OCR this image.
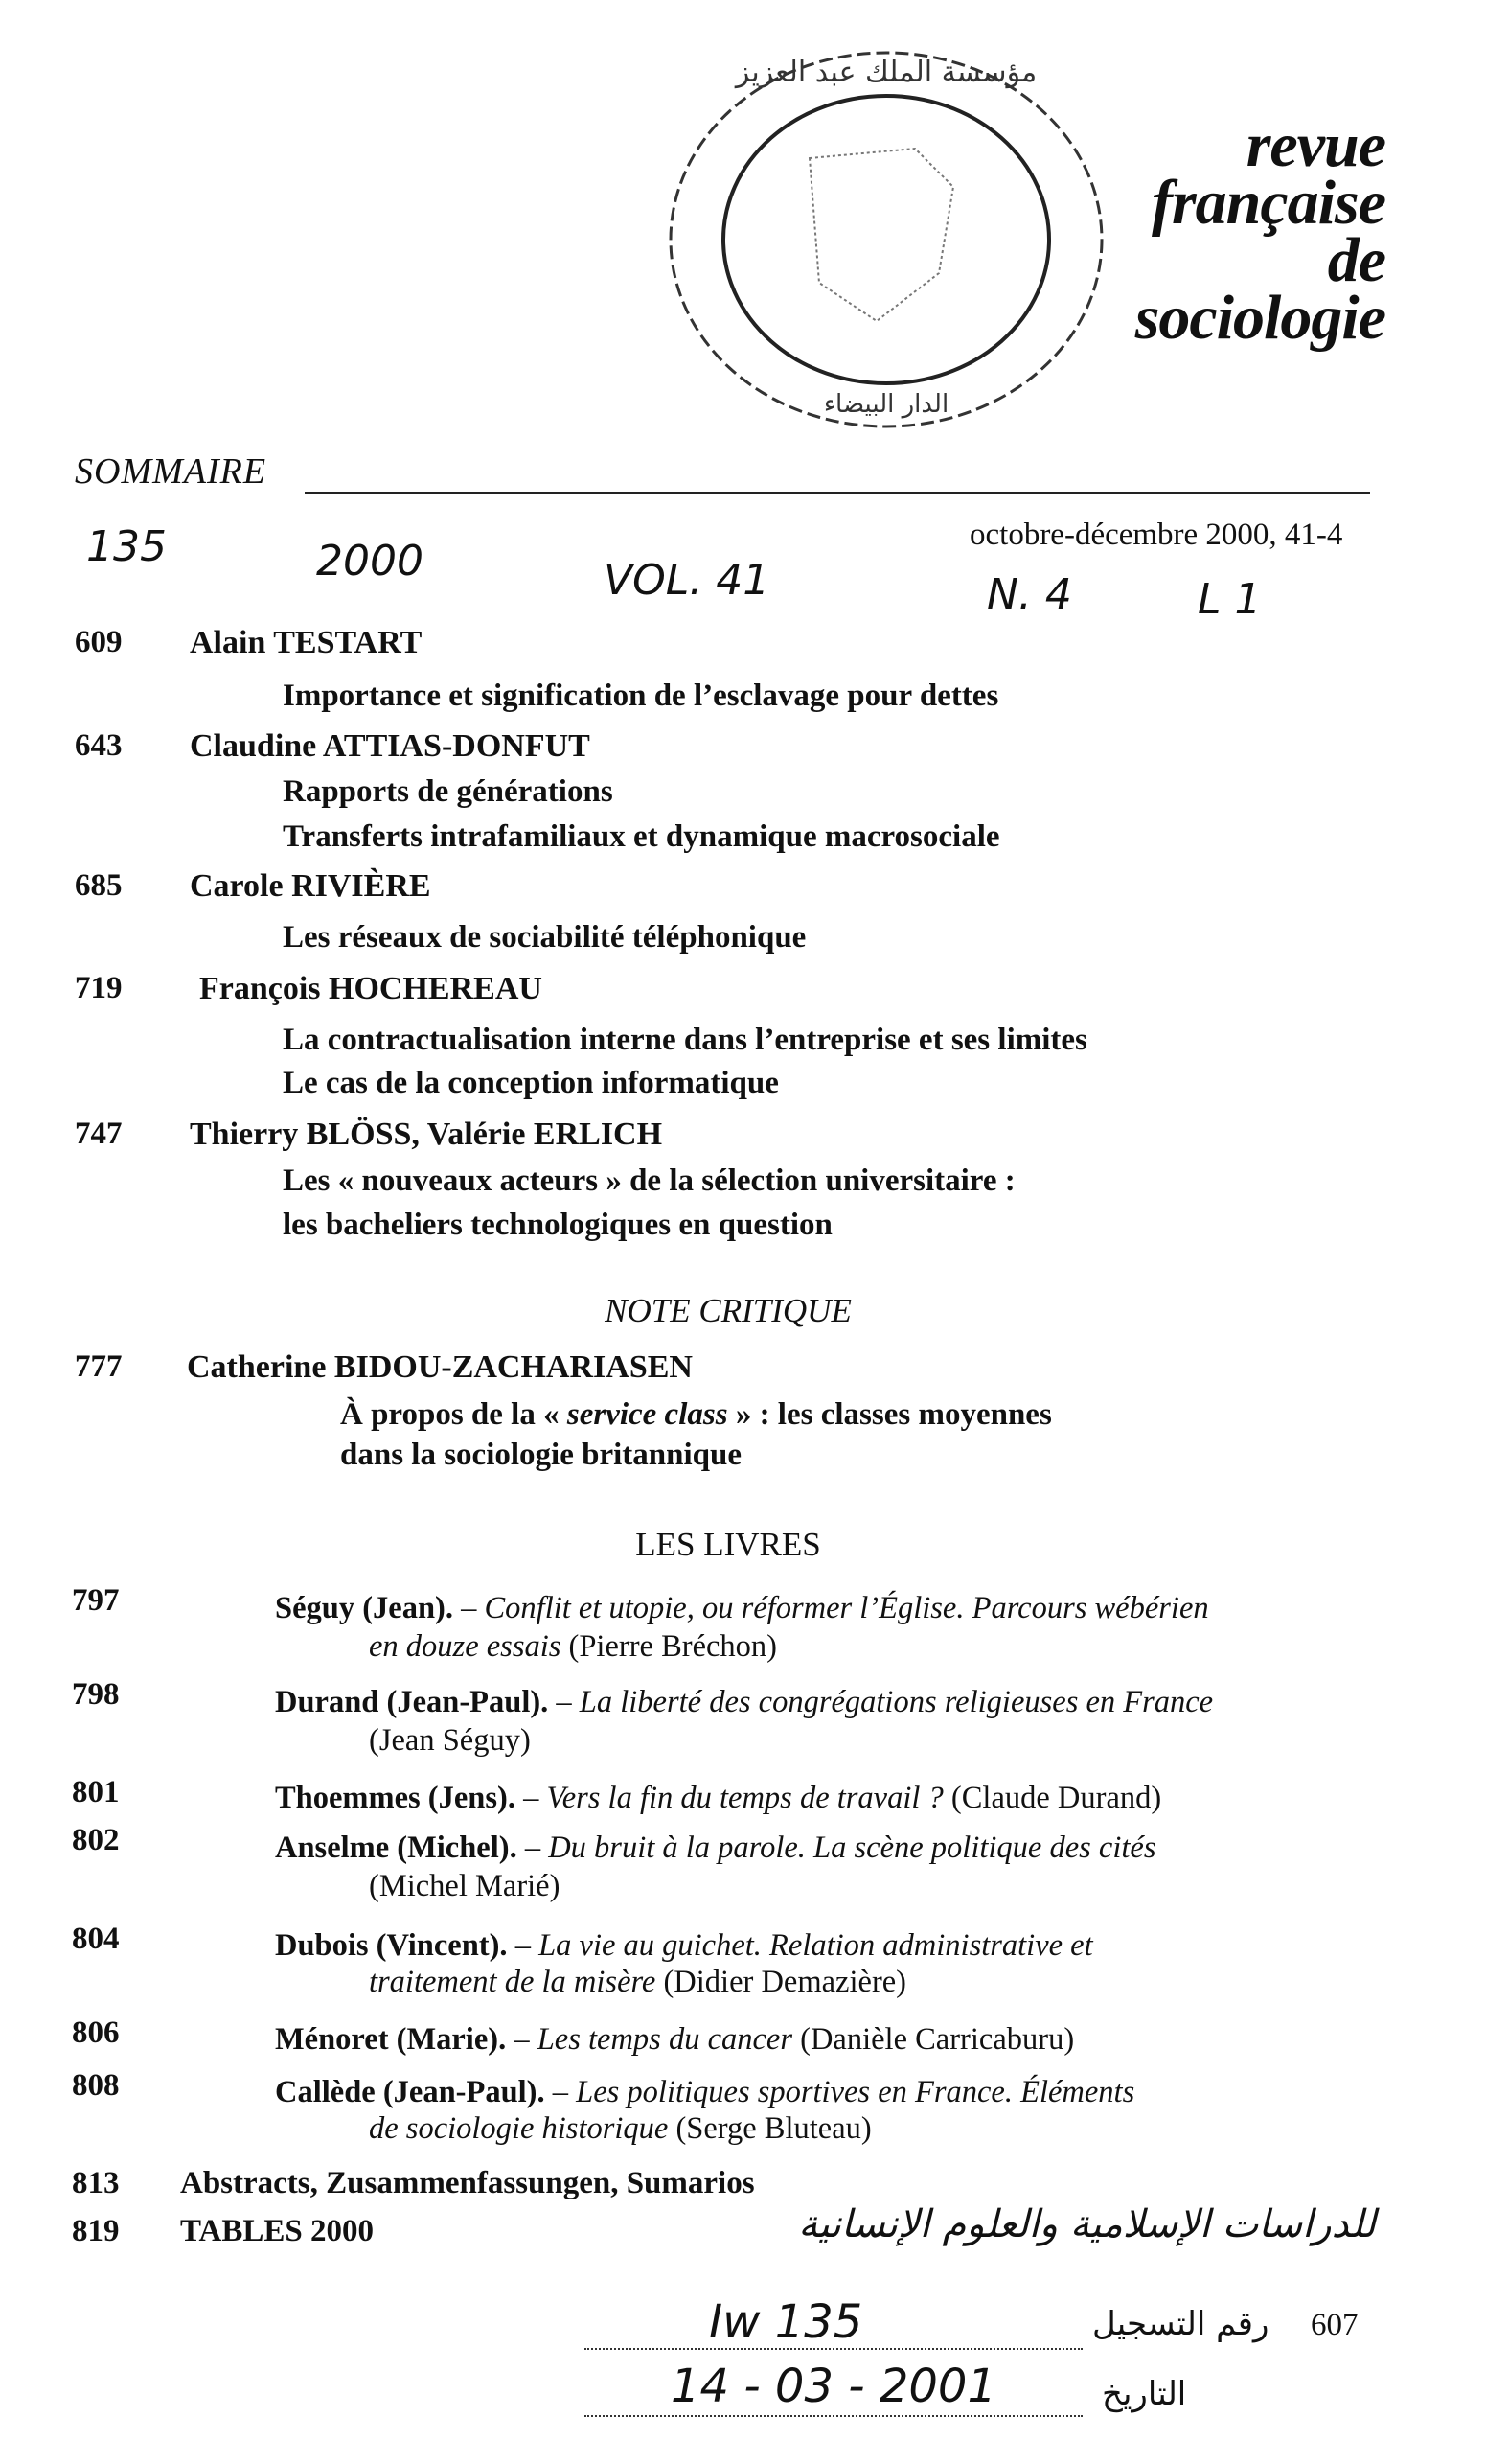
مؤسسة الملك عبد العزيز
الدار البيضاء
revue
française
de
sociologie
SOMMAIRE
octobre-décembre 2000, 41-4
135	2000	VOL. 41	N. 4	L 1
609 Alain TESTART
Importance et signification de l’esclavage pour dettes
643 Claudine ATTIAS-DONFUT
Rapports de générations
Transferts intrafamiliaux et dynamique macrosociale
685 Carole RIVIÈRE
Les réseaux de sociabilité téléphonique
719 François HOCHEREAU
La contractualisation interne dans l’entreprise et ses limites
Le cas de la conception informatique
747 Thierry BLÖSS, Valérie ERLICH
Les « nouveaux acteurs » de la sélection universitaire :
les bacheliers technologiques en question
NOTE CRITIQUE
777 Catherine BIDOU-ZACHARIASEN
À propos de la « service class » : les classes moyennes
dans la sociologie britannique
LES LIVRES
797	Séguy (Jean). – Conflit et utopie, ou réformer l’Église. Parcours wébérien
en douze essais (Pierre Bréchon)
798	Durand (Jean-Paul). – La liberté des congrégations religieuses en France
(Jean Séguy)
801	Thoemmes (Jens). – Vers la fin du temps de travail ? (Claude Durand)
802	Anselme (Michel). – Du bruit à la parole. La scène politique des cités
(Michel Marié)
804	Dubois (Vincent). – La vie au guichet. Relation administrative et
traitement de la misère (Didier Demazière)
806	Ménoret (Marie). – Les temps du cancer (Danièle Carricaburu)
808	Callède (Jean-Paul). – Les politiques sportives en France. Éléments
de sociologie historique (Serge Bluteau)
813 Abstracts, Zusammenfassungen, Sumarios
819 TABLES 2000	للدراسات الإسلامية والعلوم الإنسانية
Iw 135	رقم التسجيل 607
14 - 03 - 2001	التاريخ
